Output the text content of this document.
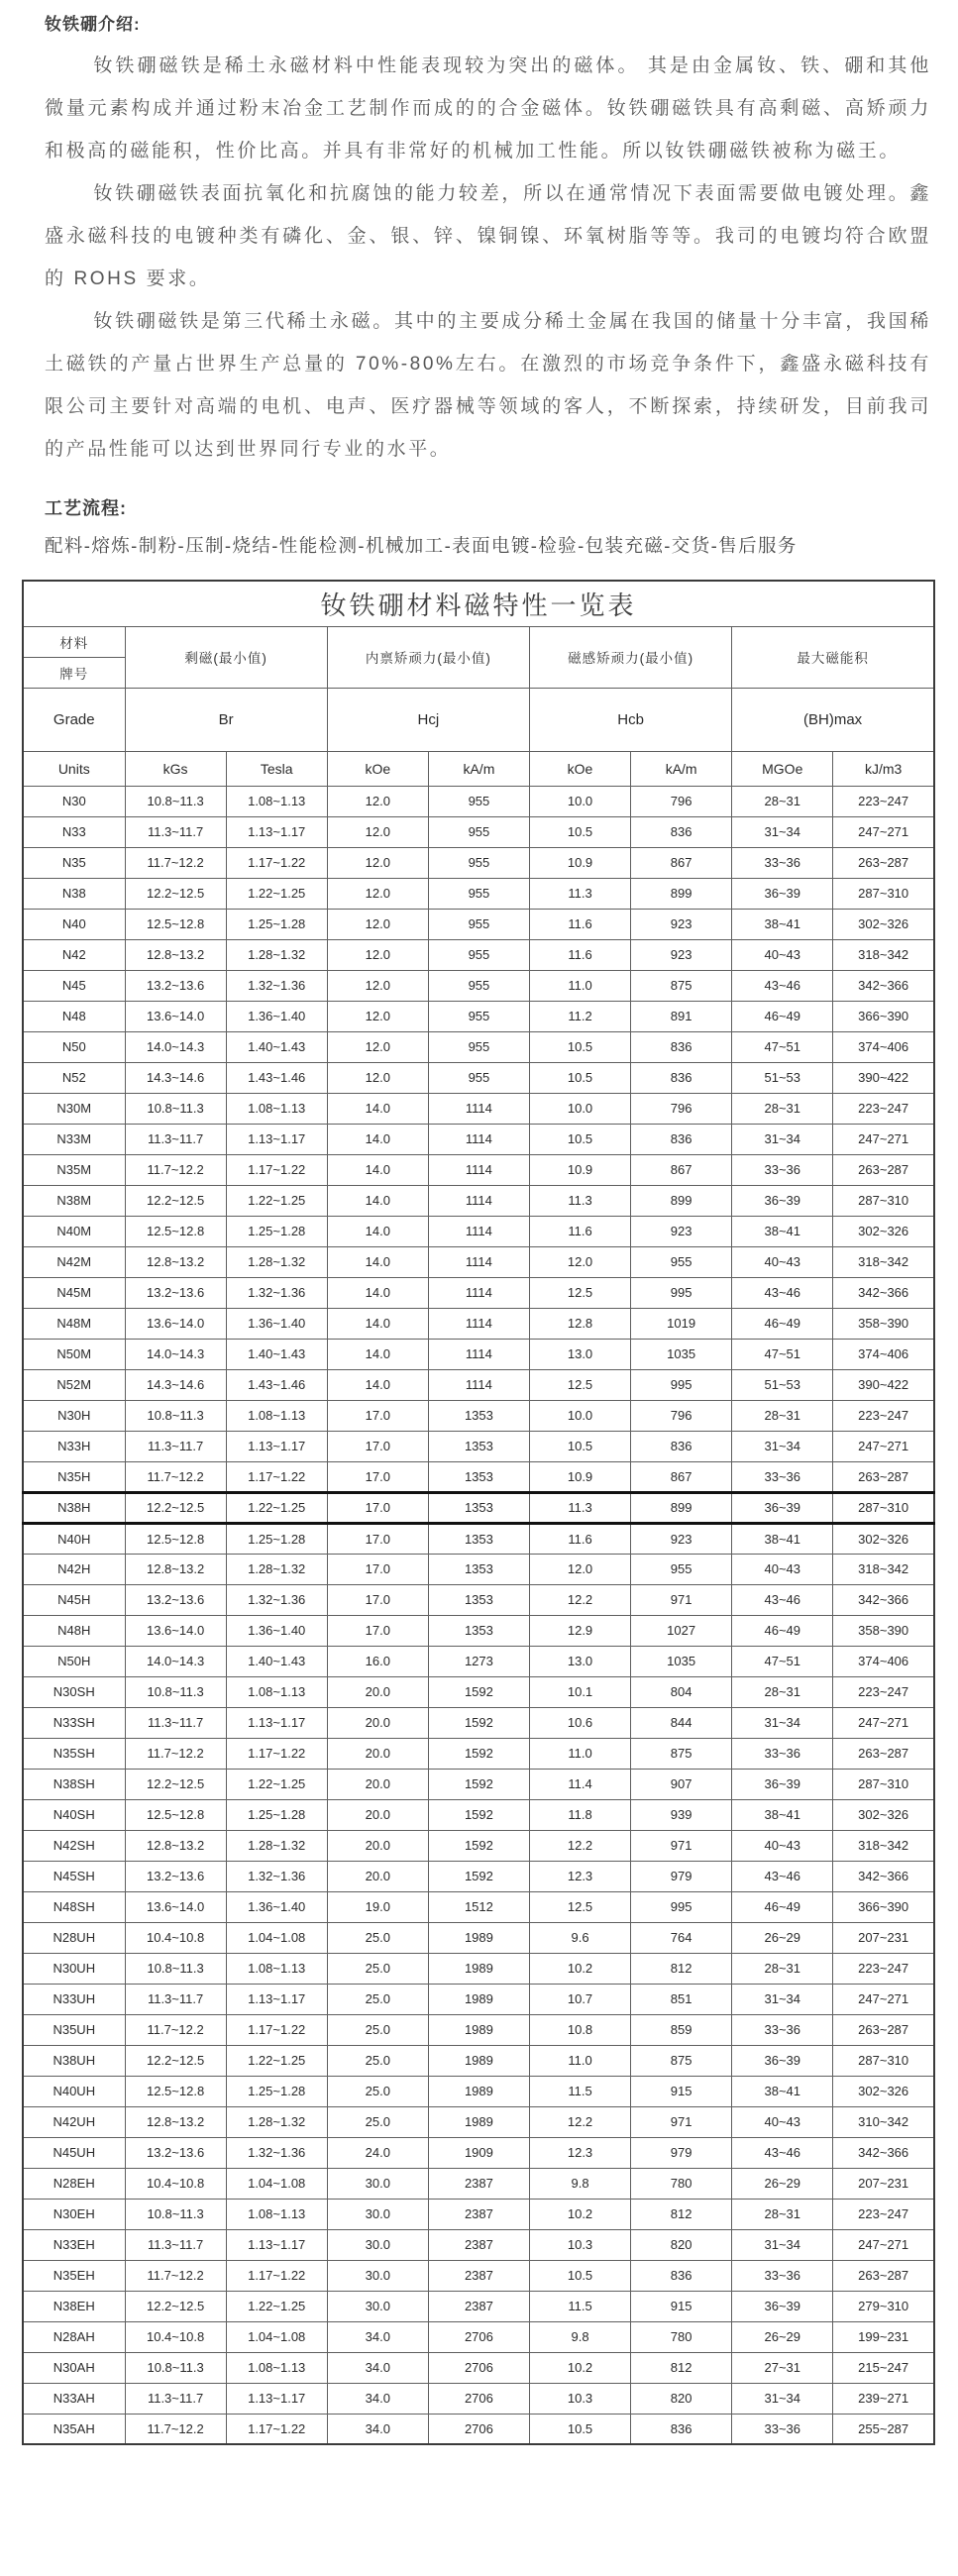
钕铁硼介绍:

钕铁硼磁铁是稀土永磁材料中性能表现较为突出的磁体。 其是由金属钕、铁、硼和其他微量元素构成并通过粉末冶金工艺制作而成的的合金磁体。钕铁硼磁铁具有高剩磁、高矫顽力和极高的磁能积，性价比高。并具有非常好的机械加工性能。所以钕铁硼磁铁被称为磁王。

钕铁硼磁铁表面抗氧化和抗腐蚀的能力较差，所以在通常情况下表面需要做电镀处理。鑫盛永磁科技的电镀种类有磷化、金、银、锌、镍铜镍、环氧树脂等等。我司的电镀均符合欧盟的 ROHS 要求。

钕铁硼磁铁是第三代稀土永磁。其中的主要成分稀土金属在我国的储量十分丰富，我国稀土磁铁的产量占世界生产总量的 70%-80%左右。在激烈的市场竞争条件下，鑫盛永磁科技有限公司主要针对高端的电机、电声、医疗器械等领域的客人，不断探索，持续研发，目前我司的产品性能可以达到世界同行专业的水平。

工艺流程:

配料-熔炼-制粉-压制-烧结-性能检测-机械加工-表面电镀-检验-包装充磁-交货-售后服务

钕铁硼材料磁特性一览表								
材料	剩磁(最小值)		内禀矫顽力(最小值)		磁感矫顽力(最小值)		最大磁能积	
牌号								
Grade	Br		Hcj		Hcb		(BH)max	
Units	kGs	Tesla	kOe	kA/m	kOe	kA/m	MGOe	kJ/m3
N30	10.8~11.3	1.08~1.13	12.0	955	10.0	796	28~31	223~247
N33	11.3~11.7	1.13~1.17	12.0	955	10.5	836	31~34	247~271
N35	11.7~12.2	1.17~1.22	12.0	955	10.9	867	33~36	263~287
N38	12.2~12.5	1.22~1.25	12.0	955	11.3	899	36~39	287~310
N40	12.5~12.8	1.25~1.28	12.0	955	11.6	923	38~41	302~326
N42	12.8~13.2	1.28~1.32	12.0	955	11.6	923	40~43	318~342
N45	13.2~13.6	1.32~1.36	12.0	955	11.0	875	43~46	342~366
N48	13.6~14.0	1.36~1.40	12.0	955	11.2	891	46~49	366~390
N50	14.0~14.3	1.40~1.43	12.0	955	10.5	836	47~51	374~406
N52	14.3~14.6	1.43~1.46	12.0	955	10.5	836	51~53	390~422
N30M	10.8~11.3	1.08~1.13	14.0	1114	10.0	796	28~31	223~247
N33M	11.3~11.7	1.13~1.17	14.0	1114	10.5	836	31~34	247~271
N35M	11.7~12.2	1.17~1.22	14.0	1114	10.9	867	33~36	263~287
N38M	12.2~12.5	1.22~1.25	14.0	1114	11.3	899	36~39	287~310
N40M	12.5~12.8	1.25~1.28	14.0	1114	11.6	923	38~41	302~326
N42M	12.8~13.2	1.28~1.32	14.0	1114	12.0	955	40~43	318~342
N45M	13.2~13.6	1.32~1.36	14.0	1114	12.5	995	43~46	342~366
N48M	13.6~14.0	1.36~1.40	14.0	1114	12.8	1019	46~49	358~390
N50M	14.0~14.3	1.40~1.43	14.0	1114	13.0	1035	47~51	374~406
N52M	14.3~14.6	1.43~1.46	14.0	1114	12.5	995	51~53	390~422
N30H	10.8~11.3	1.08~1.13	17.0	1353	10.0	796	28~31	223~247
N33H	11.3~11.7	1.13~1.17	17.0	1353	10.5	836	31~34	247~271
N35H	11.7~12.2	1.17~1.22	17.0	1353	10.9	867	33~36	263~287
N38H	12.2~12.5	1.22~1.25	17.0	1353	11.3	899	36~39	287~310
N40H	12.5~12.8	1.25~1.28	17.0	1353	11.6	923	38~41	302~326
N42H	12.8~13.2	1.28~1.32	17.0	1353	12.0	955	40~43	318~342
N45H	13.2~13.6	1.32~1.36	17.0	1353	12.2	971	43~46	342~366
N48H	13.6~14.0	1.36~1.40	17.0	1353	12.9	1027	46~49	358~390
N50H	14.0~14.3	1.40~1.43	16.0	1273	13.0	1035	47~51	374~406
N30SH	10.8~11.3	1.08~1.13	20.0	1592	10.1	804	28~31	223~247
N33SH	11.3~11.7	1.13~1.17	20.0	1592	10.6	844	31~34	247~271
N35SH	11.7~12.2	1.17~1.22	20.0	1592	11.0	875	33~36	263~287
N38SH	12.2~12.5	1.22~1.25	20.0	1592	11.4	907	36~39	287~310
N40SH	12.5~12.8	1.25~1.28	20.0	1592	11.8	939	38~41	302~326
N42SH	12.8~13.2	1.28~1.32	20.0	1592	12.2	971	40~43	318~342
N45SH	13.2~13.6	1.32~1.36	20.0	1592	12.3	979	43~46	342~366
N48SH	13.6~14.0	1.36~1.40	19.0	1512	12.5	995	46~49	366~390
N28UH	10.4~10.8	1.04~1.08	25.0	1989	9.6	764	26~29	207~231
N30UH	10.8~11.3	1.08~1.13	25.0	1989	10.2	812	28~31	223~247
N33UH	11.3~11.7	1.13~1.17	25.0	1989	10.7	851	31~34	247~271
N35UH	11.7~12.2	1.17~1.22	25.0	1989	10.8	859	33~36	263~287
N38UH	12.2~12.5	1.22~1.25	25.0	1989	11.0	875	36~39	287~310
N40UH	12.5~12.8	1.25~1.28	25.0	1989	11.5	915	38~41	302~326
N42UH	12.8~13.2	1.28~1.32	25.0	1989	12.2	971	40~43	310~342
N45UH	13.2~13.6	1.32~1.36	24.0	1909	12.3	979	43~46	342~366
N28EH	10.4~10.8	1.04~1.08	30.0	2387	9.8	780	26~29	207~231
N30EH	10.8~11.3	1.08~1.13	30.0	2387	10.2	812	28~31	223~247
N33EH	11.3~11.7	1.13~1.17	30.0	2387	10.3	820	31~34	247~271
N35EH	11.7~12.2	1.17~1.22	30.0	2387	10.5	836	33~36	263~287
N38EH	12.2~12.5	1.22~1.25	30.0	2387	11.5	915	36~39	279~310
N28AH	10.4~10.8	1.04~1.08	34.0	2706	9.8	780	26~29	199~231
N30AH	10.8~11.3	1.08~1.13	34.0	2706	10.2	812	27~31	215~247
N33AH	11.3~11.7	1.13~1.17	34.0	2706	10.3	820	31~34	239~271
N35AH	11.7~12.2	1.17~1.22	34.0	2706	10.5	836	33~36	255~287
